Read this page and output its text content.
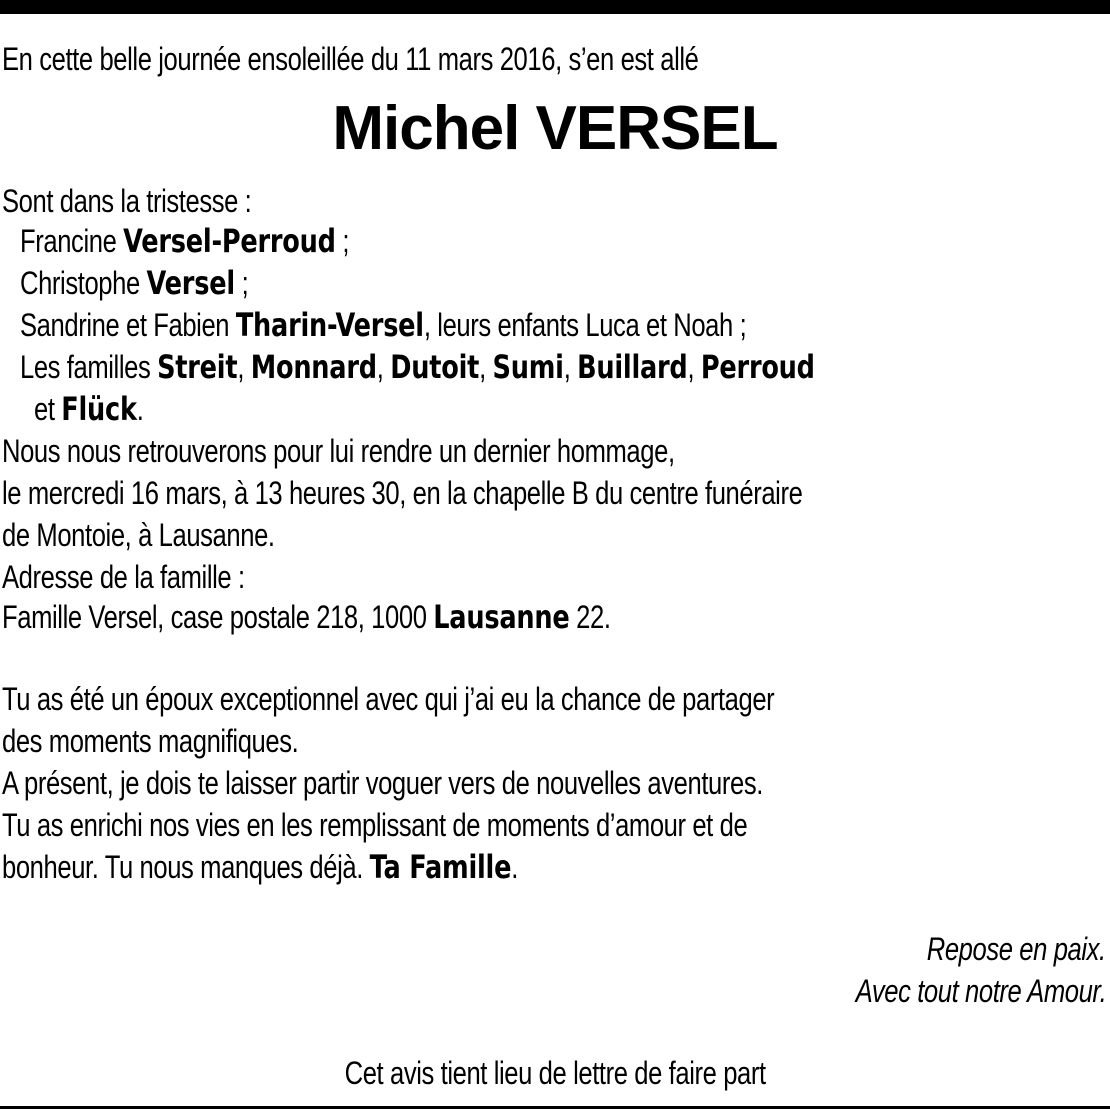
En cette belle journée ensoleillée du 11 mars 2016, s’en est allé
Michel VERSEL
Sont dans la tristesse :
Francine Versel-Perroud ;
Christophe Versel ;
Sandrine et Fabien Tharin-Versel, leurs enfants Luca et Noah ;
Les familles Streit, Monnard, Dutoit, Sumi, Buillard, Perroud
et Flück.
Nous nous retrouverons pour lui rendre un dernier hommage,
le mercredi 16 mars, à 13 heures 30, en la chapelle B du centre funéraire
de Montoie, à Lausanne.
Adresse de la famille :
Famille Versel, case postale 218, 1000 Lausanne 22.
Tu as été un époux exceptionnel avec qui j’ai eu la chance de partager
des moments magnifiques.
A présent, je dois te laisser partir voguer vers de nouvelles aventures.
Tu as enrichi nos vies en les remplissant de moments d’amour et de
bonheur. Tu nous manques déjà. Ta Famille.
Repose en paix.
Avec tout notre Amour.
Cet avis tient lieu de lettre de faire part
